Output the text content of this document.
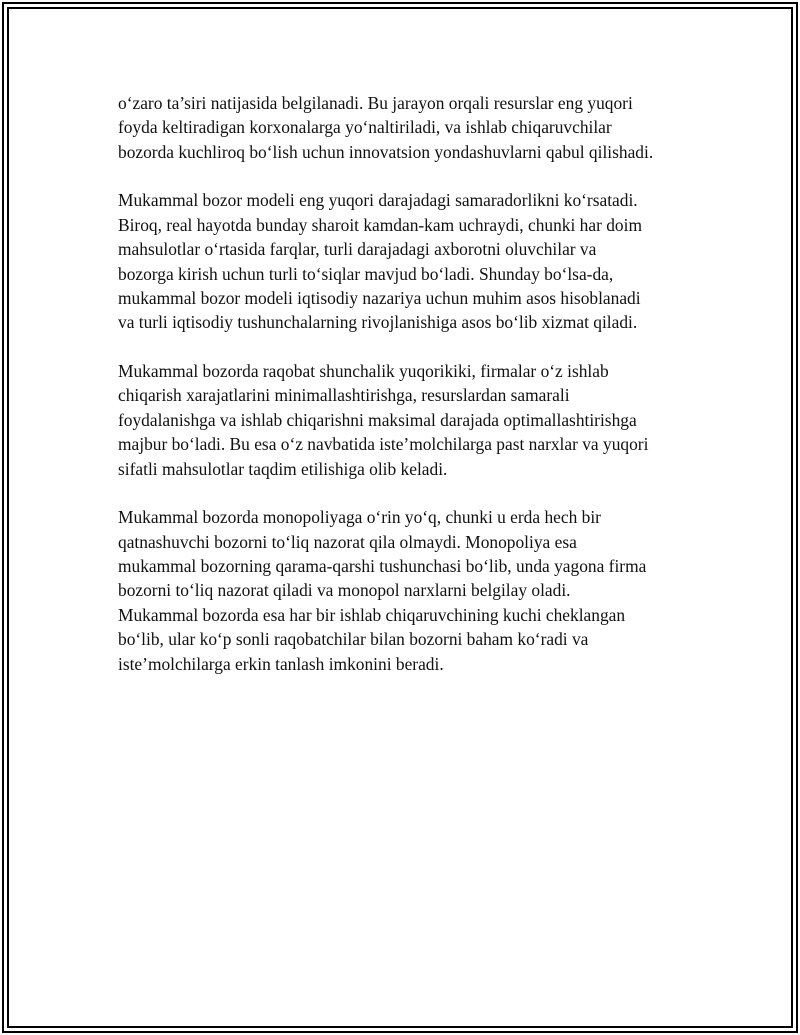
o‘zaro ta’siri natijasida belgilanadi. Bu jarayon orqali resurslar eng yuqori
foyda keltiradigan korxonalarga yo‘naltiriladi, va ishlab chiqaruvchilar
bozorda kuchliroq bo‘lish uchun innovatsion yondashuvlarni qabul qilishadi.

Mukammal bozor modeli eng yuqori darajadagi samaradorlikni ko‘rsatadi.
Biroq, real hayotda bunday sharoit kamdan-kam uchraydi, chunki har doim
mahsulotlar o‘rtasida farqlar, turli darajadagi axborotni oluvchilar va
bozorga kirish uchun turli to‘siqlar mavjud bo‘ladi. Shunday bo‘lsa-da,
mukammal bozor modeli iqtisodiy nazariya uchun muhim asos hisoblanadi
va turli iqtisodiy tushunchalarning rivojlanishiga asos bo‘lib xizmat qiladi.

Mukammal bozorda raqobat shunchalik yuqorikiki, firmalar o‘z ishlab
chiqarish xarajatlarini minimallashtirishga, resurslardan samarali
foydalanishga va ishlab chiqarishni maksimal darajada optimallashtirishga
majbur bo‘ladi. Bu esa o‘z navbatida iste’molchilarga past narxlar va yuqori
sifatli mahsulotlar taqdim etilishiga olib keladi.

Mukammal bozorda monopoliyaga o‘rin yo‘q, chunki u erda hech bir
qatnashuvchi bozorni to‘liq nazorat qila olmaydi. Monopoliya esa
mukammal bozorning qarama-qarshi tushunchasi bo‘lib, unda yagona firma
bozorni to‘liq nazorat qiladi va monopol narxlarni belgilay oladi.
Mukammal bozorda esa har bir ishlab chiqaruvchining kuchi cheklangan
bo‘lib, ular ko‘p sonli raqobatchilar bilan bozorni baham ko‘radi va
iste’molchilarga erkin tanlash imkonini beradi.
